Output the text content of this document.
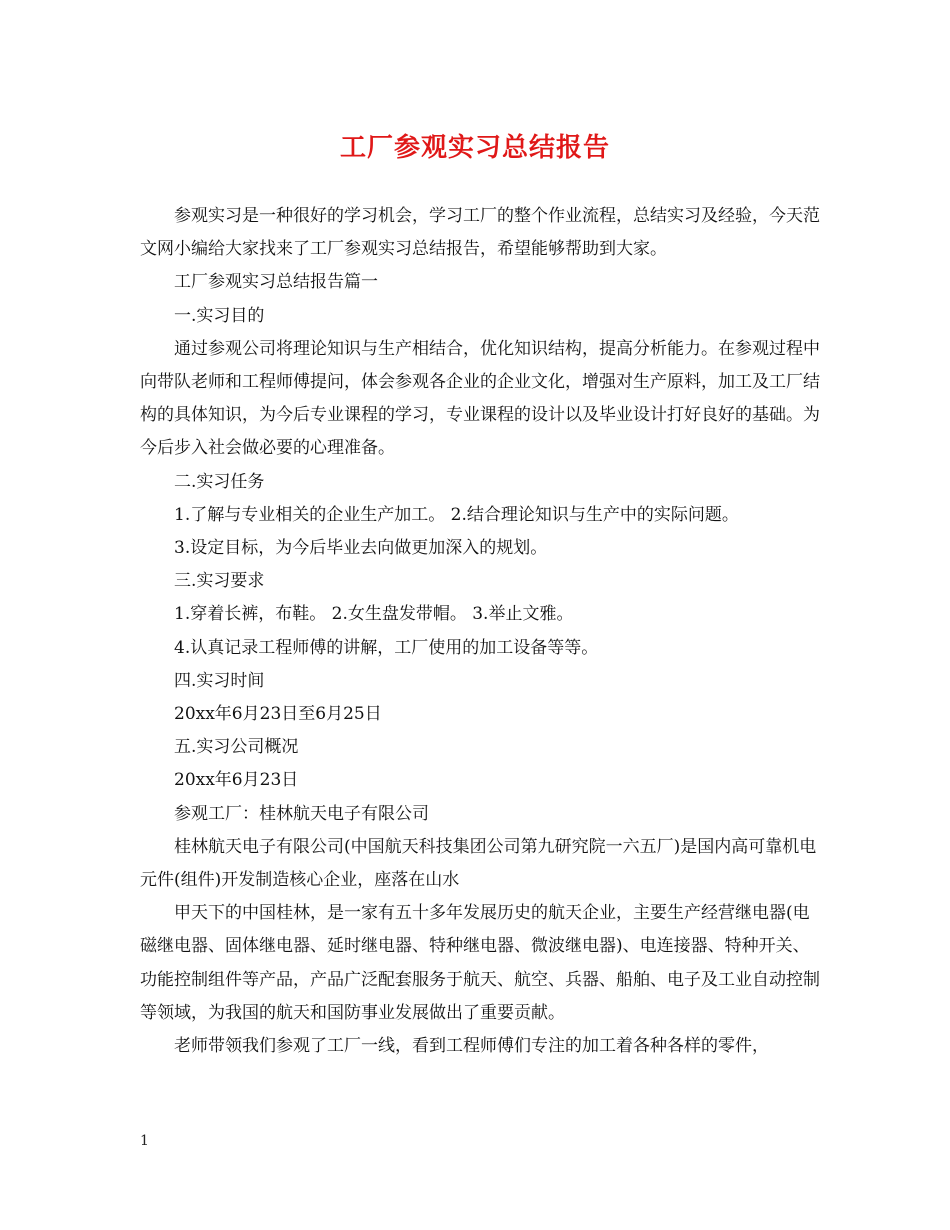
工厂参观实习总结报告

参观实习是一种很好的学习机会，学习工厂的整个作业流程，总结实习及经验，今天范文网小编给大家找来了工厂参观实习总结报告，希望能够帮助到大家。

工厂参观实习总结报告篇一

一.实习目的

通过参观公司将理论知识与生产相结合，优化知识结构，提高分析能力。在参观过程中向带队老师和工程师傅提问，体会参观各企业的企业文化，增强对生产原料，加工及工厂结构的具体知识，为今后专业课程的学习，专业课程的设计以及毕业设计打好良好的基础。为今后步入社会做必要的心理准备。

二.实习任务

1.了解与专业相关的企业生产加工。 2.结合理论知识与生产中的实际问题。

3.设定目标，为今后毕业去向做更加深入的规划。

三.实习要求

1.穿着长裤，布鞋。 2.女生盘发带帽。 3.举止文雅。

4.认真记录工程师傅的讲解，工厂使用的加工设备等等。

四.实习时间

20xx年6月23日至6月25日

五.实习公司概况

20xx年6月23日

参观工厂：桂林航天电子有限公司

桂林航天电子有限公司(中国航天科技集团公司第九研究院一六五厂)是国内高可靠机电元件(组件)开发制造核心企业，座落在山水

甲天下的中国桂林，是一家有五十多年发展历史的航天企业，主要生产经营继电器(电磁继电器、固体继电器、延时继电器、特种继电器、微波继电器)、电连接器、特种开关、功能控制组件等产品，产品广泛配套服务于航天、航空、兵器、船舶、电子及工业自动控制等领域，为我国的航天和国防事业发展做出了重要贡献。

老师带领我们参观了工厂一线，看到工程师傅们专注的加工着各种各样的零件，

1
